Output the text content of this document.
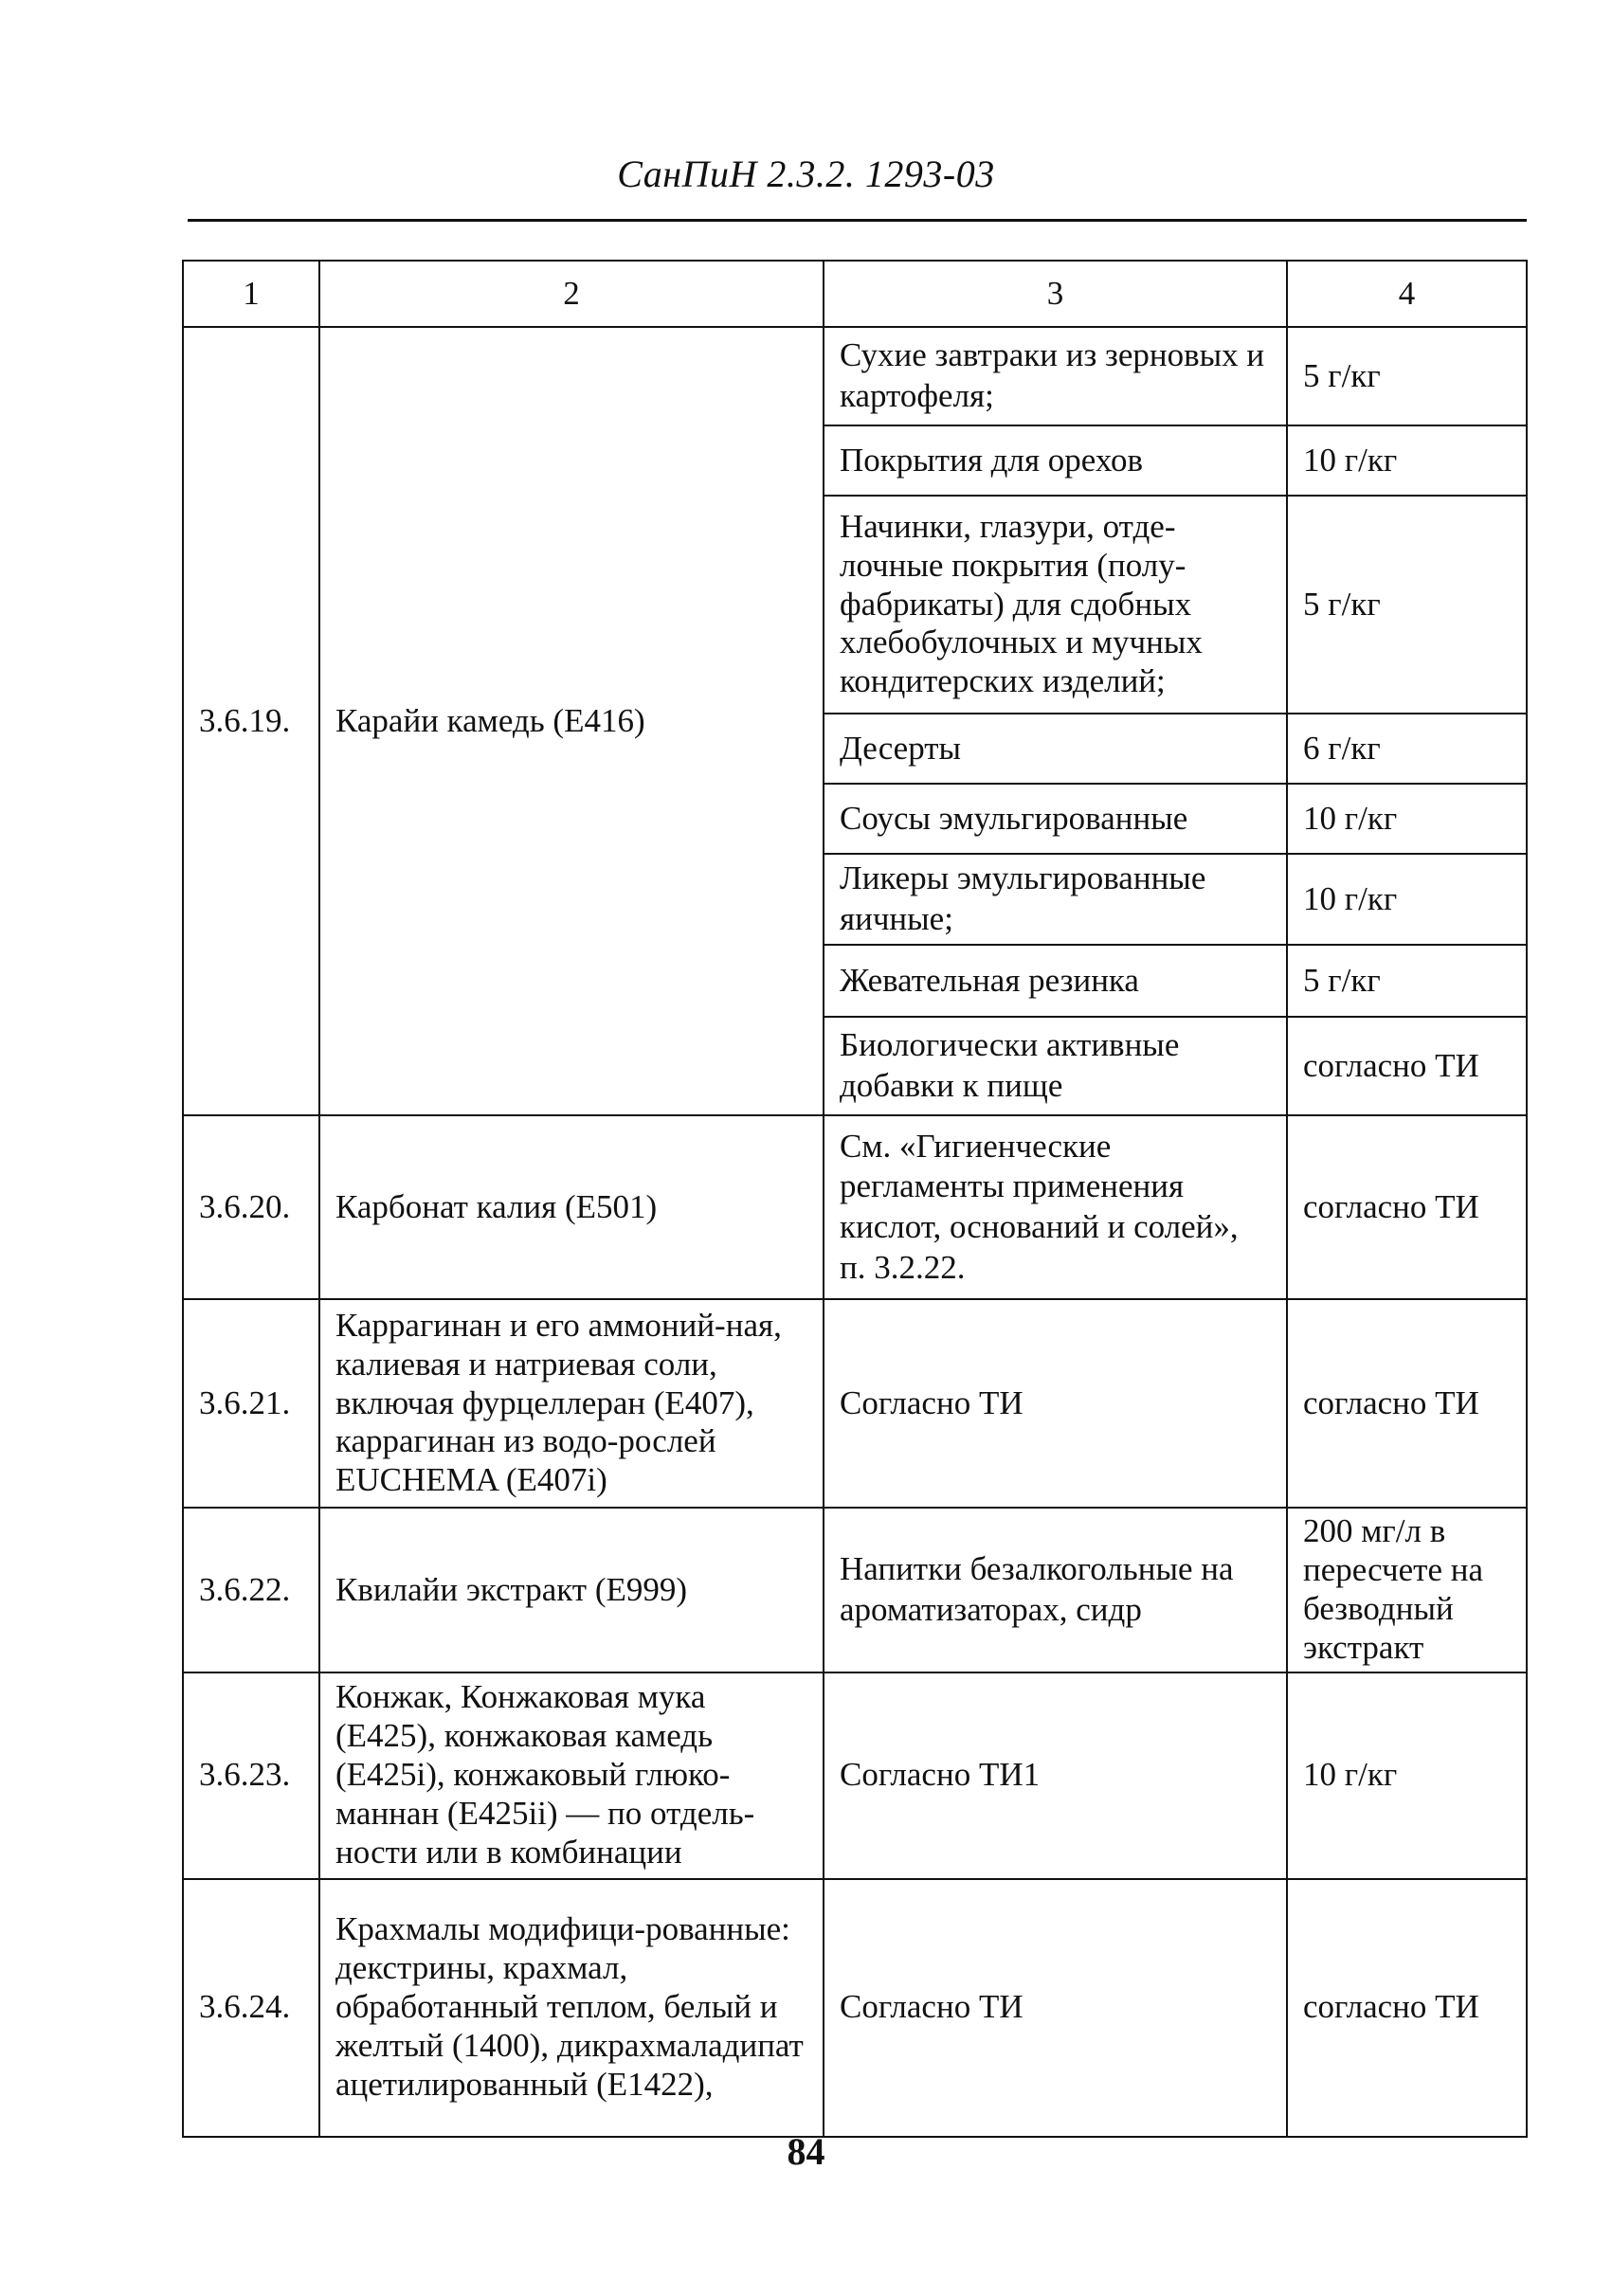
СанПиН 2.3.2. 1293-03
1	2	3	4
3.6.19.	Карайи камедь (E416)	Сухие завтраки из зерновых и картофеля;	5 г/кг
		Покрытия для орехов	10 г/кг
		Начинки, глазури, отде-лочные покрытия (полу-фабрикаты) для сдобных хлебобулочных и мучных кондитерских изделий;	5 г/кг
		Десерты	6 г/кг
		Соусы эмульгированные	10 г/кг
		Ликеры эмульгированные яичные;	10 г/кг
		Жевательная резинка	5 г/кг
		Биологически активные добавки к пище	согласно ТИ
3.6.20.	Карбонат калия (E501)	См. «Гигиенческие регламенты применения кислот, оснований и солей», п. 3.2.22.	согласно ТИ
3.6.21.	Каррагинан и его аммоний-ная, калиевая и натриевая соли, включая фурцеллеран (E407), каррагинан из водо-рослей EUCHEMA (E407i)	Согласно ТИ	согласно ТИ
3.6.22.	Квилайи экстракт (E999)	Напитки безалкогольные на ароматизаторах, сидр	200 мг/л в пересчете на безводный экстракт
3.6.23.	Конжак, Конжаковая мука (E425), конжаковая камедь (E425i), конжаковый глюко-маннан (E425ii) — по отдель-ности или в комбинации	Согласно ТИ1	10 г/кг
3.6.24.	Крахмалы модифици-рованные: декстрины, крахмал, обработанный теплом, белый и желтый (1400), дикрахмаладипат ацетилированный (E1422),	Согласно ТИ	согласно ТИ
84
